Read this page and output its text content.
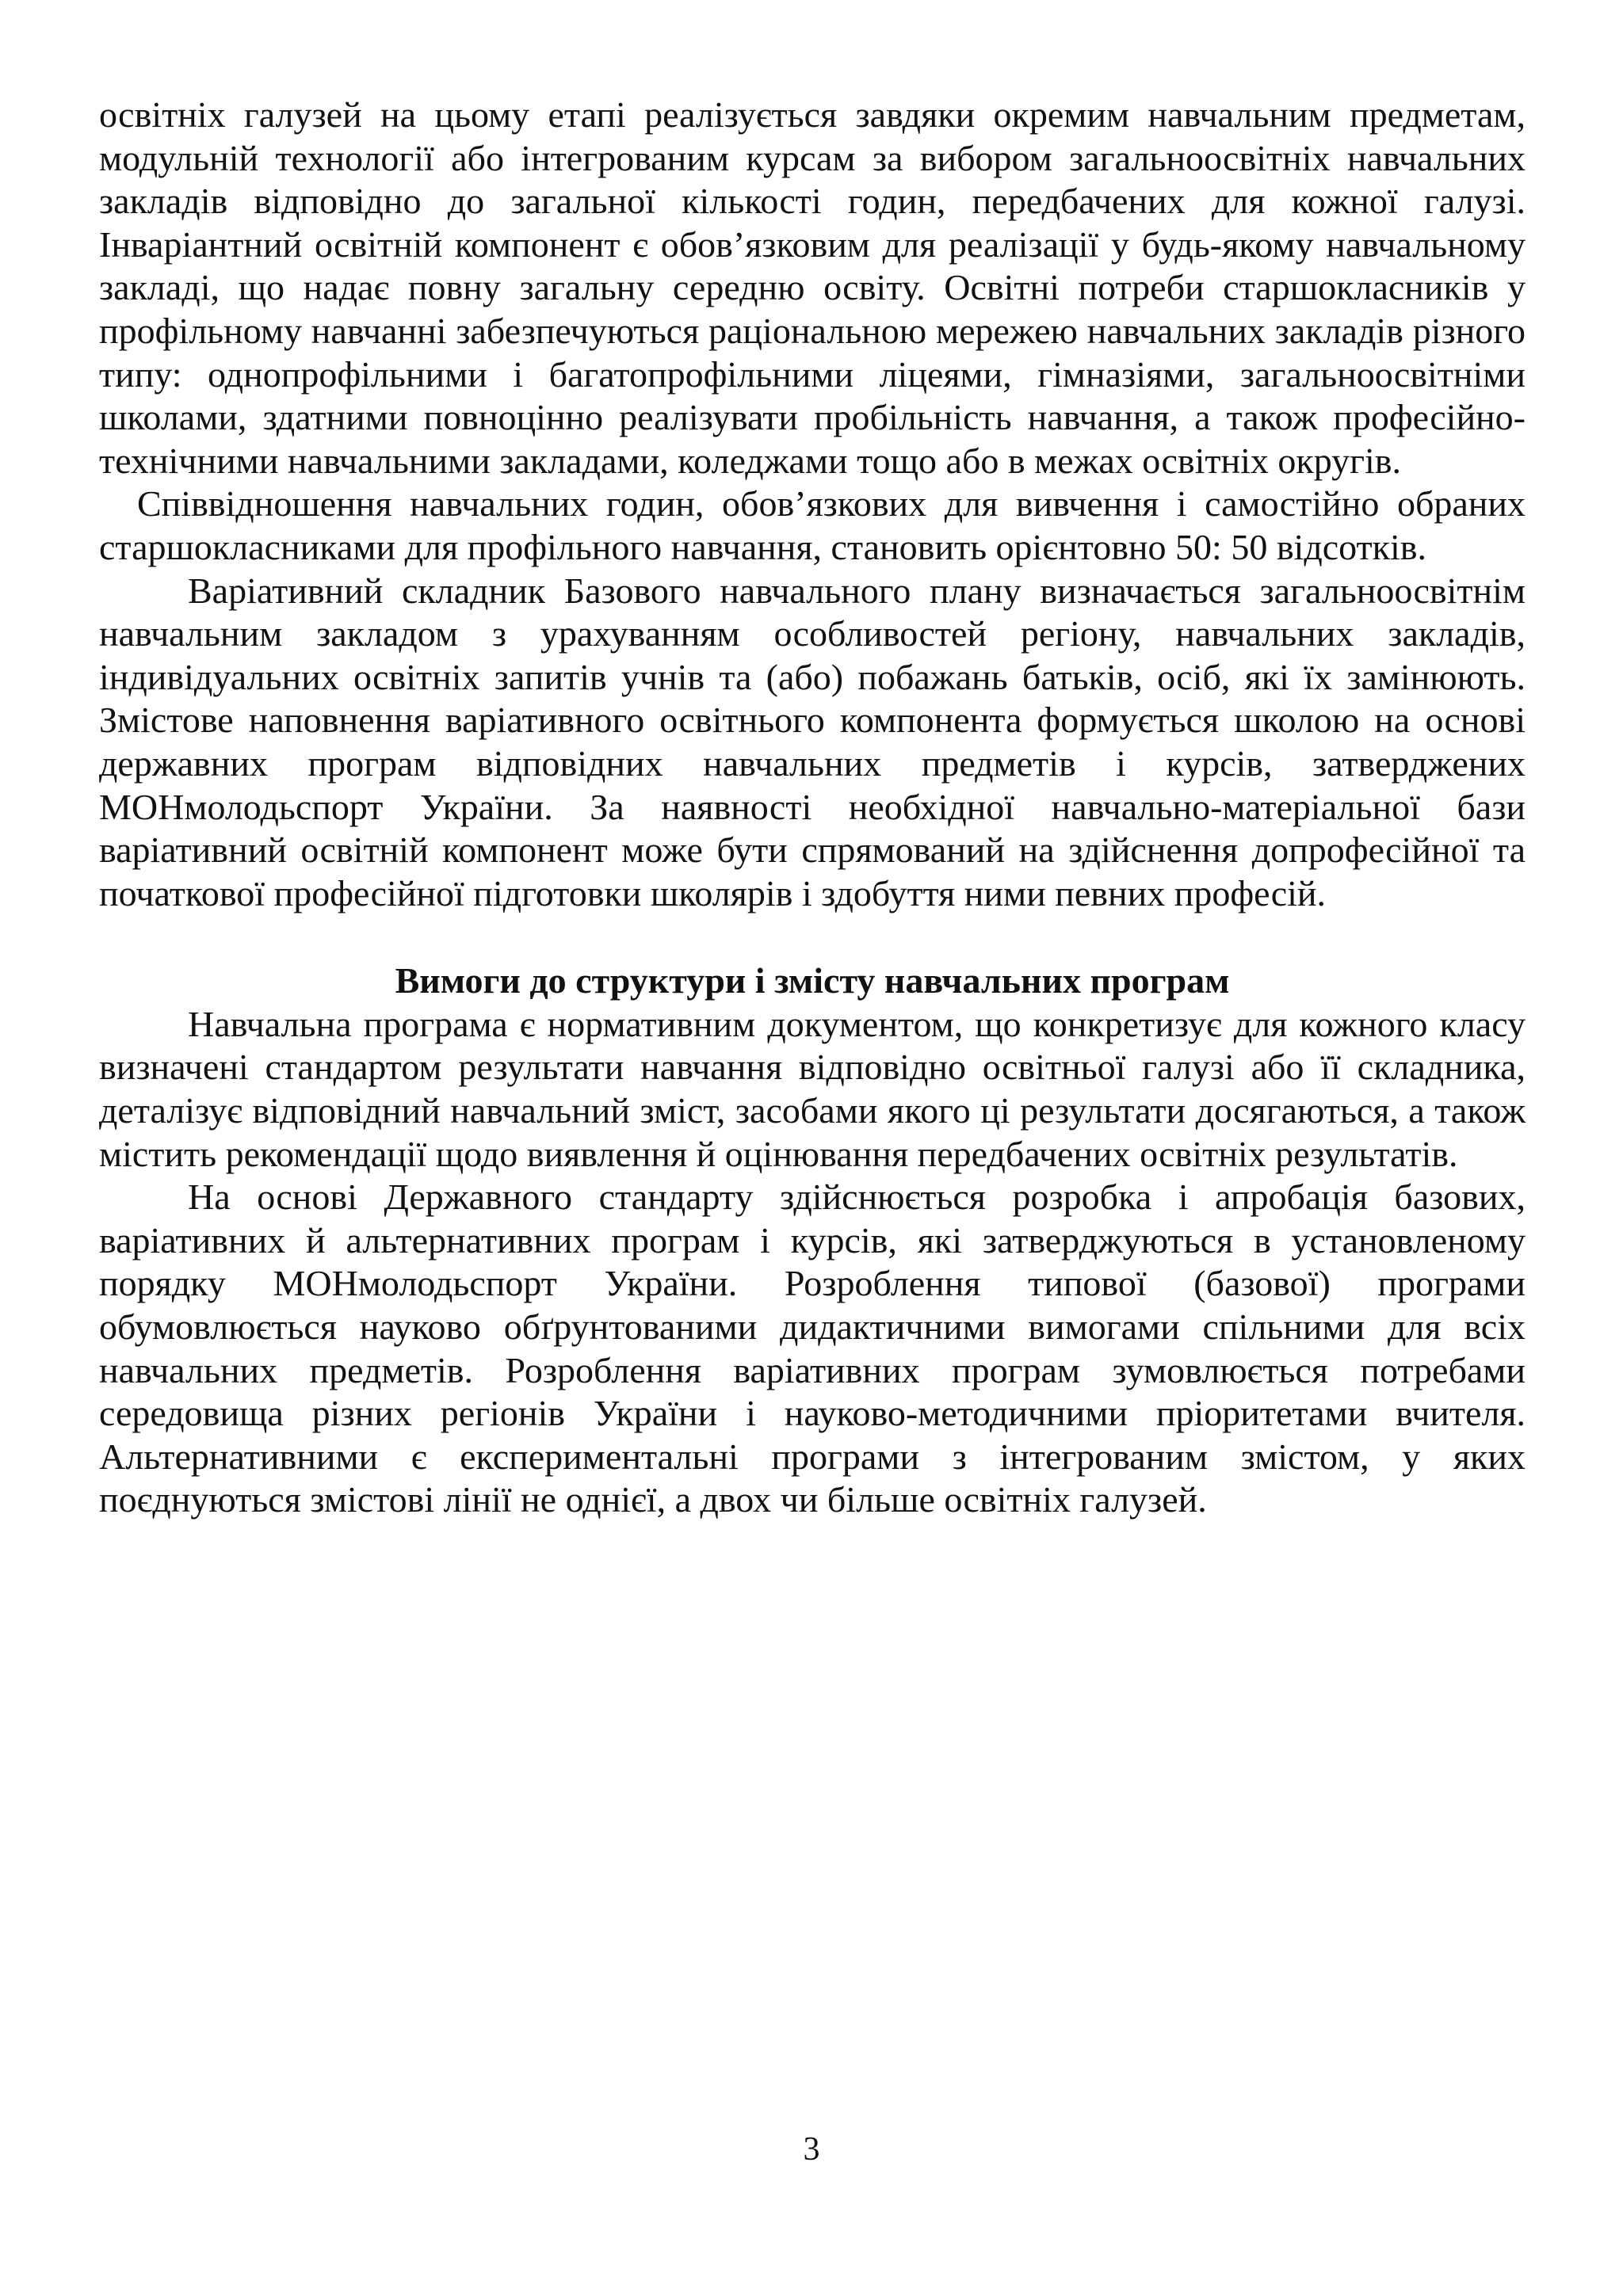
освітніх галузей на цьому етапі реалізується завдяки окремим навчальним предметам, модульній технології або інтегрованим курсам за вибором загальноосвітніх навчальних закладів відповідно до загальної кількості годин, передбачених для кожної галузі. Інваріантний освітній компонент є обов’язковим для реалізації у будь-якому навчальному закладі, що надає повну загальну середню освіту. Освітні потреби старшокласників у профільному навчанні забезпечуються раціональною мережею навчальних закладів різного типу: однопрофільними і багатопрофільними ліцеями, гімназіями, загальноосвітніми школами, здатними повноцінно реалізувати пробільність навчання, а також професійно-технічними навчальними закладами, коледжами тощо або в межах освітніх округів.

Співвідношення навчальних годин, обов’язкових для вивчення і самостійно обраних старшокласниками для профільного навчання, становить орієнтовно 50: 50 відсотків.

Варіативний складник Базового навчального плану визначається загальноосвітнім навчальним закладом з урахуванням особливостей регіону, навчальних закладів, індивідуальних освітніх запитів учнів та (або) побажань батьків, осіб, які їх замінюють. Змістове наповнення варіативного освітнього компонента формується школою на основі державних програм відповідних навчальних предметів і курсів, затверджених МОНмолодьспорт України. За наявності необхідної навчально-матеріальної бази варіативний освітній компонент може бути спрямований на здійснення допрофесійної та початкової професійної підготовки школярів і здобуття ними певних професій.

Вимоги до структури і змісту навчальних програм

Навчальна програма є нормативним документом, що конкретизує для кожного класу визначені стандартом результати навчання відповідно освітньої галузі або її складника, деталізує відповідний навчальний зміст, засобами якого ці результати досягаються, а також містить рекомендації щодо виявлення й оцінювання передбачених освітніх результатів.

На основі Державного стандарту здійснюється розробка і апробація базових, варіативних й альтернативних програм і курсів, які затверджуються в установленому порядку МОНмолодьспорт України. Розроблення типової (базової) програми обумовлюється науково обґрунтованими дидактичними вимогами спільними для всіх навчальних предметів. Розроблення варіативних програм зумовлюється потребами середовища різних регіонів України і науково-методичними пріоритетами вчителя. Альтернативними є експериментальні програми з інтегрованим змістом, у яких поєднуються змістові лінії не однієї, а двох чи більше освітніх галузей.

3
